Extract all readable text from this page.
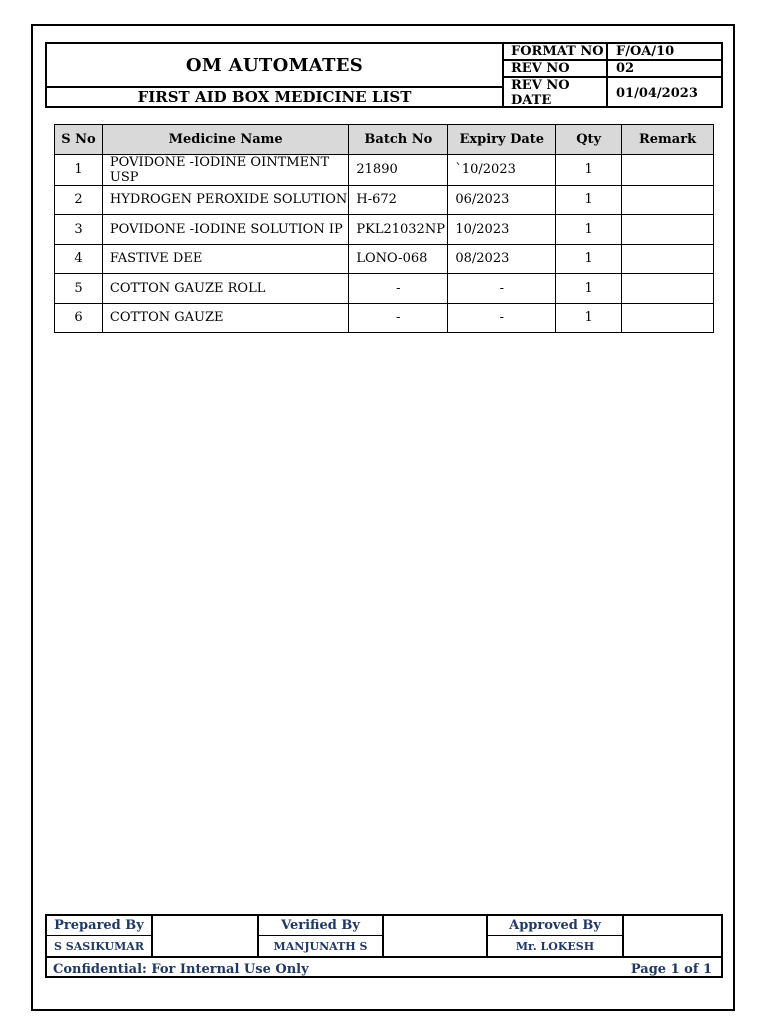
OM AUTOMATES
FIRST AID BOX MEDICINE LIST
FORMAT NO F/OA/10
REV NO	02
REV NO DATE	01/04/2023
S No	Medicine Name	Batch No	Expiry Date	Qty	Remark
1	POVIDONE -IODINE OINTMENT USP	21890	`10/2023	1	
2	HYDROGEN PEROXIDE SOLUTION	H-672	06/2023	1	
3	POVIDONE -IODINE SOLUTION IP	PKL21032NP	10/2023	1	
4	FASTIVE DEE	LONO-068	08/2023	1	
5	COTTON GAUZE ROLL	-	-	1	
6	COTTON GAUZE	-	-	1	
Prepared By
S SASIKUMAR
Verified By
MANJUNATH S
Approved By
Mr. LOKESH
Confidential: For Internal Use Only	Page 1 of 1
